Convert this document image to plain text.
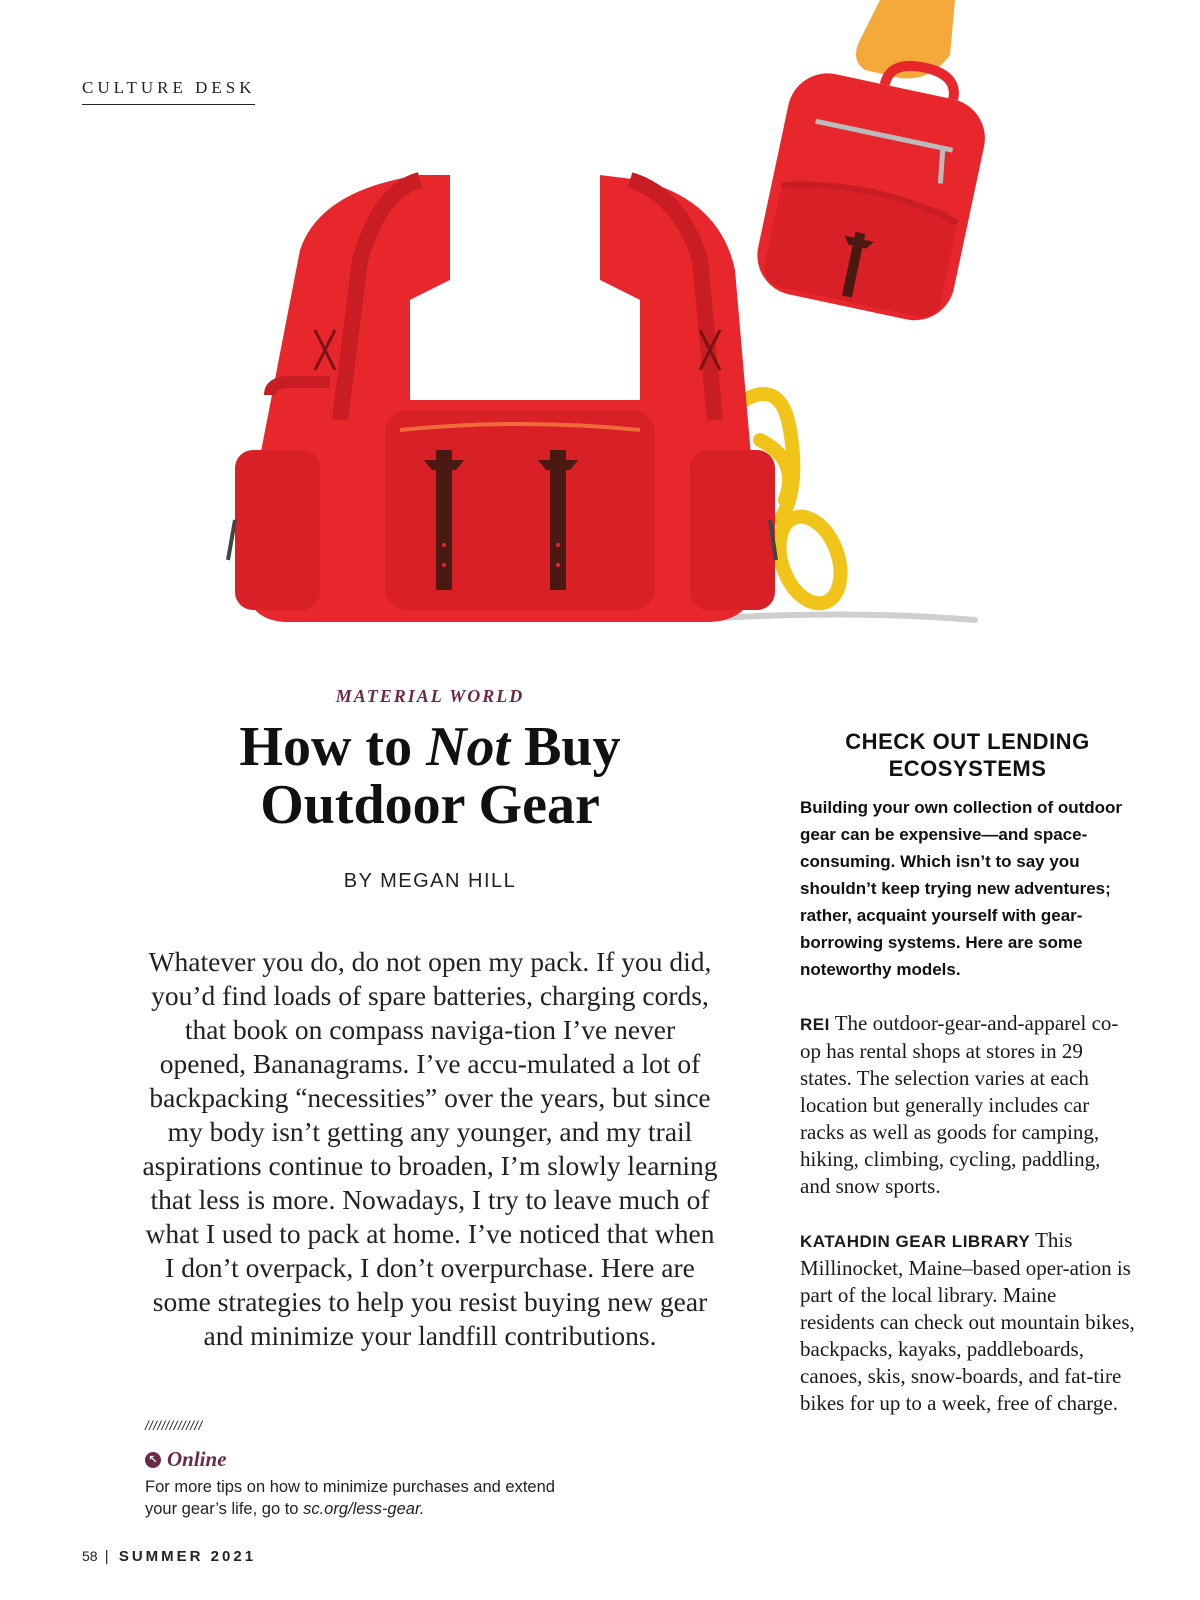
CULTURE DESK
MATERIAL WORLD
How to Not Buy
Outdoor Gear
BY MEGAN HILL
Whatever you do, do not open my pack. If you did, you’d find loads of spare batteries, charging cords, that book on compass naviga-tion I’ve never opened, Bananagrams. I’ve accu-mulated a lot of backpacking “necessities” over the years, but since my body isn’t getting any younger, and my trail aspirations continue to broaden, I’m slowly learning that less is more. Nowadays, I try to leave much of what I used to pack at home. I’ve noticed that when I don’t overpack, I don’t overpurchase. Here are some strategies to help you resist buying new gear and minimize your landfill contributions.
//////////////
↖ Online
For more tips on how to minimize purchases and extend your gear’s life, go to sc.org/less-gear.
58 | SUMMER 2021
CHECK OUT LENDING ECOSYSTEMS
Building your own collection of outdoor gear can be expensive—and space-consuming. Which isn’t to say you shouldn’t keep trying new adventures; rather, acquaint yourself with gear-borrowing systems. Here are some noteworthy models.
REI The outdoor-gear-and-apparel co-op has rental shops at stores in 29 states. The selection varies at each location but generally includes car racks as well as goods for camping, hiking, climbing, cycling, paddling, and snow sports.
KATAHDIN GEAR LIBRARY This Millinocket, Maine–based oper-ation is part of the local library. Maine residents can check out mountain bikes, backpacks, kayaks, paddleboards, canoes, skis, snow-boards, and fat-tire bikes for up to a week, free of charge.
